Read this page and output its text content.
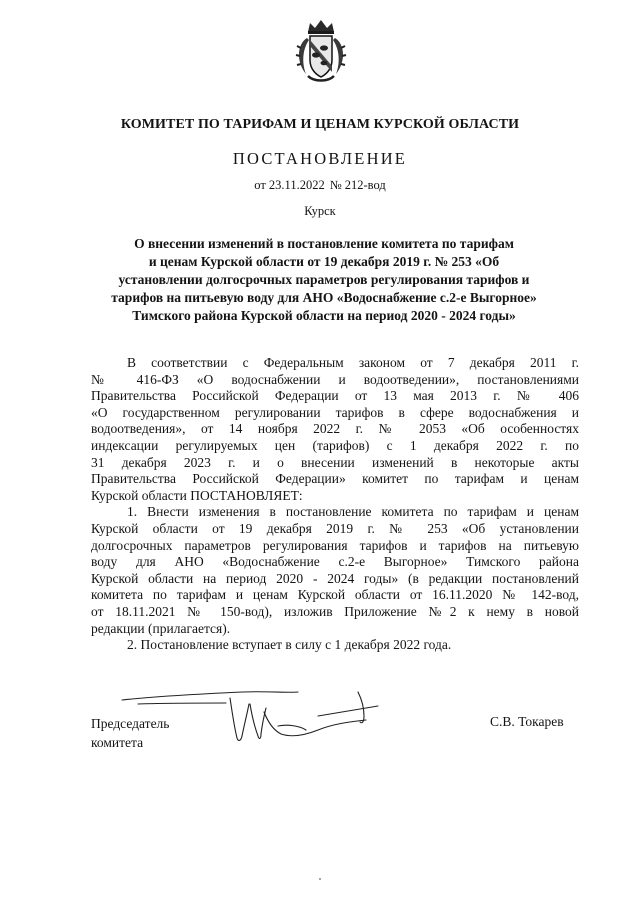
КОМИТЕТ ПО ТАРИФАМ И ЦЕНАМ КУРСКОЙ ОБЛАСТИ
ПОСТАНОВЛЕНИЕ
от 23.11.2022 № 212-вод
Курск
О внесении изменений в постановление комитета по тарифам
и ценам Курской области от 19 декабря 2019 г. № 253 «Об
установлении долгосрочных параметров регулирования тарифов и
тарифов на питьевую воду для АНО «Водоснабжение с.2-е Выгорное»
Тимского района Курской области на период 2020 - 2024 годы»
В соответствии с Федеральным законом от 7 декабря 2011 г.
№ 416-ФЗ «О водоснабжении и водоотведении», постановлениями
Правительства Российской Федерации от 13 мая 2013 г. № 406
«О государственном регулировании тарифов в сфере водоснабжения и
водоотведения», от 14 ноября 2022 г. № 2053 «Об особенностях
индексации регулируемых цен (тарифов) с 1 декабря 2022 г. по
31 декабря 2023 г. и о внесении изменений в некоторые акты
Правительства Российской Федерации» комитет по тарифам и ценам
Курской области ПОСТАНОВЛЯЕТ:
1. Внести изменения в постановление комитета по тарифам и ценам
Курской области от 19 декабря 2019 г. № 253 «Об установлении
долгосрочных параметров регулирования тарифов и тарифов на питьевую
воду для АНО «Водоснабжение с.2-е Выгорное» Тимского района
Курской области на период 2020 - 2024 годы» (в редакции постановлений
комитета по тарифам и ценам Курской области от 16.11.2020 № 142-вод,
от 18.11.2021 № 150-вод), изложив Приложение №2 к нему в новой
редакции (прилагается).
2. Постановление вступает в силу с 1 декабря 2022 года.
Председатель
комитета
С.В. Токарев
